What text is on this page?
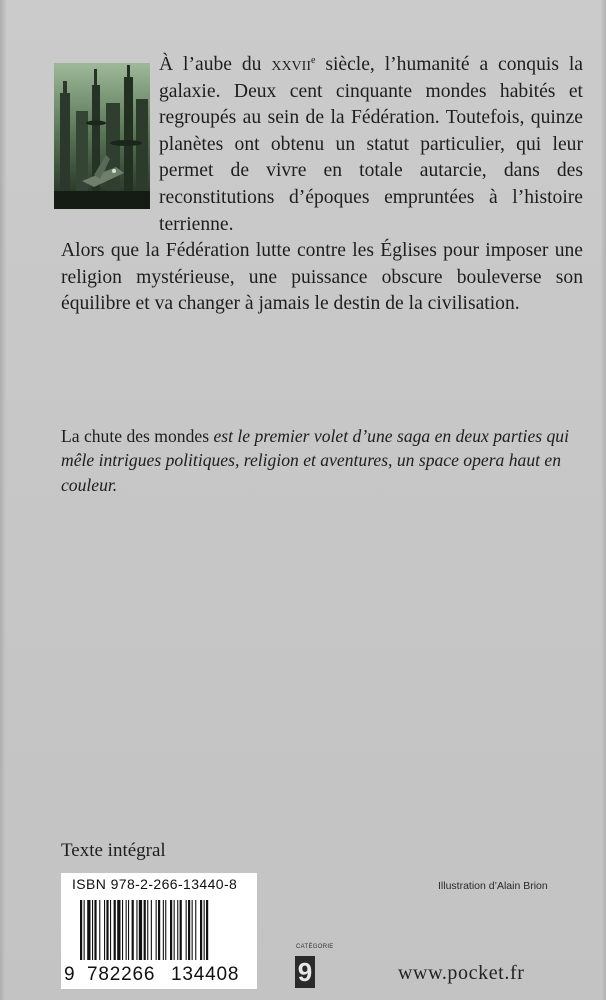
À l’aube du xxvii$^e$ siècle, l’humanité a conquis la galaxie. Deux cent cinquante mondes habités et regroupés au sein de la Fédération. Toutefois, quinze planètes ont obtenu un statut particulier, qui leur permet de vivre en totale autarcie, dans des reconstitutions d’époques empruntées à l’histoire terrienne.

Alors que la Fédération lutte contre les Églises pour imposer une religion mystérieuse, une puissance obscure bouleverse son équilibre et va changer à jamais le destin de la civilisation.

La chute des mondes est le premier volet d’une saga en deux parties qui mêle intrigues politiques, religion et aventures, un space opera haut en couleur.

Texte intégral
ISBN 978-2-266-13440-8
9 782266 134408
CATÉGORIE
9
Illustration d’Alain Brion
www.pocket.fr
